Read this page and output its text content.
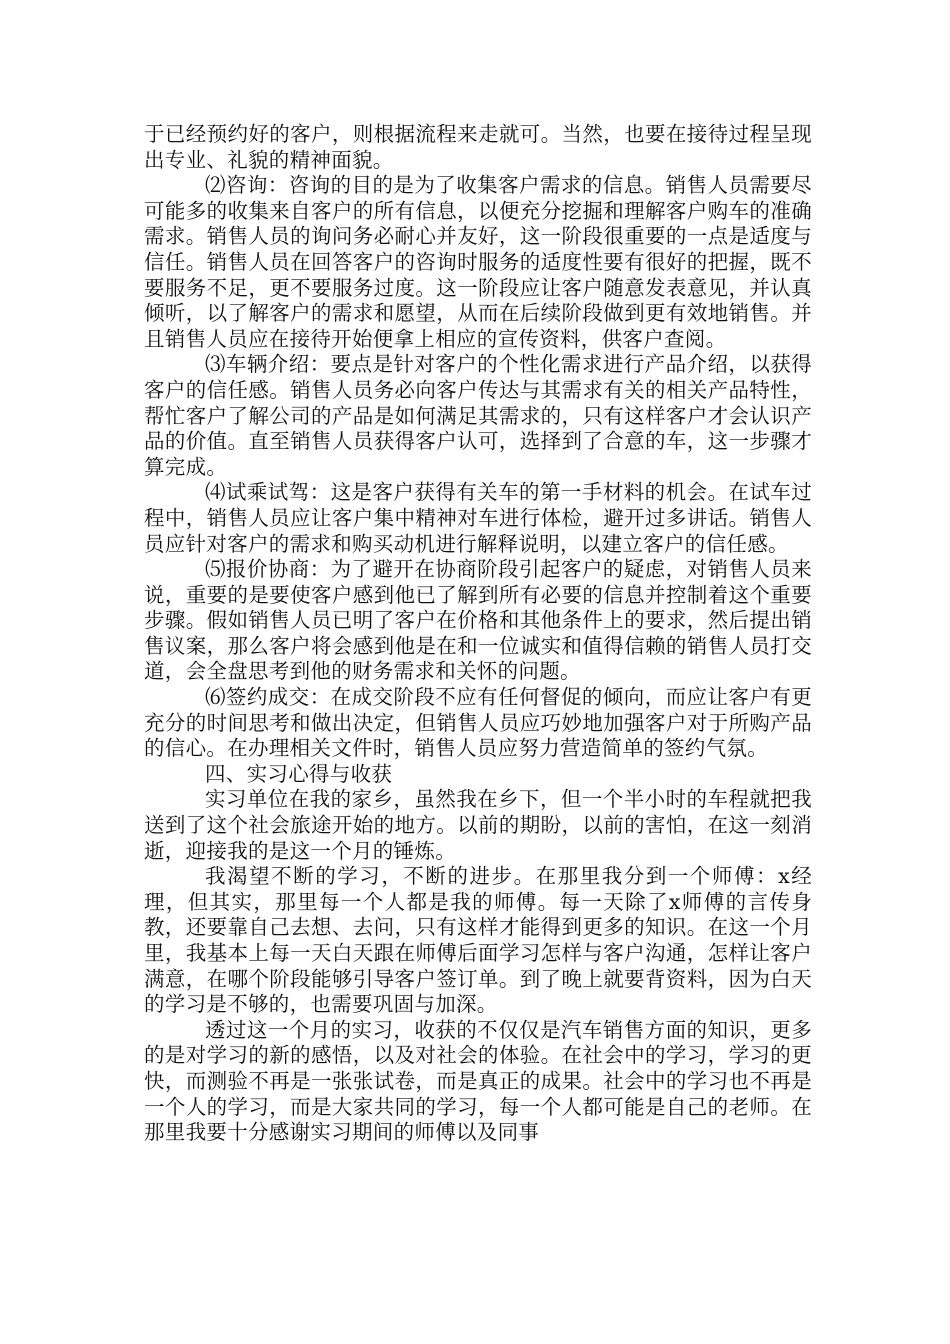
于已经预约好的客户，则根据流程来走就可。当然，也要在接待过程呈现出专业、礼貌的精神面貌。

⑵咨询：咨询的目的是为了收集客户需求的信息。销售人员需要尽可能多的收集来自客户的所有信息，以便充分挖掘和理解客户购车的准确需求。销售人员的询问务必耐心并友好，这一阶段很重要的一点是适度与信任。销售人员在回答客户的咨询时服务的适度性要有很好的把握，既不要服务不足，更不要服务过度。这一阶段应让客户随意发表意见，并认真倾听，以了解客户的需求和愿望，从而在后续阶段做到更有效地销售。并且销售人员应在接待开始便拿上相应的宣传资料，供客户查阅。

⑶车辆介绍：要点是针对客户的个性化需求进行产品介绍，以获得客户的信任感。销售人员务必向客户传达与其需求有关的相关产品特性，帮忙客户了解公司的产品是如何满足其需求的，只有这样客户才会认识产品的价值。直至销售人员获得客户认可，选择到了合意的车，这一步骤才算完成。

⑷试乘试驾：这是客户获得有关车的第一手材料的机会。在试车过程中，销售人员应让客户集中精神对车进行体检，避开过多讲话。销售人员应针对客户的需求和购买动机进行解释说明，以建立客户的信任感。

⑸报价协商：为了避开在协商阶段引起客户的疑虑，对销售人员来说，重要的是要使客户感到他已了解到所有必要的信息并控制着这个重要步骤。假如销售人员已明了客户在价格和其他条件上的要求，然后提出销售议案，那么客户将会感到他是在和一位诚实和值得信赖的销售人员打交道，会全盘思考到他的财务需求和关怀的问题。

⑹签约成交：在成交阶段不应有任何督促的倾向，而应让客户有更充分的时间思考和做出决定，但销售人员应巧妙地加强客户对于所购产品的信心。在办理相关文件时，销售人员应努力营造简单的签约气氛。

四、实习心得与收获

实习单位在我的家乡，虽然我在乡下，但一个半小时的车程就把我送到了这个社会旅途开始的地方。以前的期盼，以前的害怕，在这一刻消逝，迎接我的是这一个月的锤炼。

我渴望不断的学习，不断的进步。在那里我分到一个师傅：x经理，但其实，那里每一个人都是我的师傅。每一天除了x师傅的言传身教，还要靠自己去想、去问，只有这样才能得到更多的知识。在这一个月里，我基本上每一天白天跟在师傅后面学习怎样与客户沟通，怎样让客户满意，在哪个阶段能够引导客户签订单。到了晚上就要背资料，因为白天的学习是不够的，也需要巩固与加深。

透过这一个月的实习，收获的不仅仅是汽车销售方面的知识，更多的是对学习的新的感悟，以及对社会的体验。在社会中的学习，学习的更快，而测验不再是一张张试卷，而是真正的成果。社会中的学习也不再是一个人的学习，而是大家共同的学习，每一个人都可能是自己的老师。在那里我要十分感谢实习期间的师傅以及同事
